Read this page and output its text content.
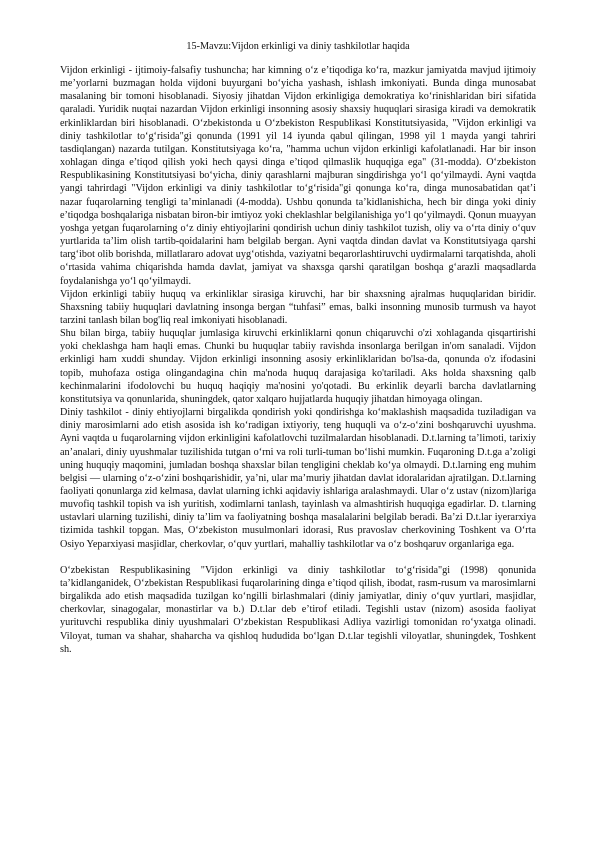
15-Mavzu:Vijdon erkinligi va diniy tashkilotlar haqida

Vijdon erkinligi - ijtimoiy-falsafiy tushuncha; har kimning o‘z e’tiqodiga ko‘ra, mazkur jamiyatda mavjud ijtimoiy me’yorlarni buzmagan holda vijdoni buyurgani bo‘yicha yashash, ishlash imkoniyati. Bunda dinga munosabat masalaning bir tomoni hisoblanadi. Siyosiy jihatdan Vijdon erkinligiga demokratiya ko‘rinishlaridan biri sifatida qaraladi. Yuridik nuqtai nazardan Vijdon erkinligi insonning asosiy shaxsiy huquqlari sirasiga kiradi va demokratik erkinliklardan biri hisoblanadi. O‘zbekistonda u O‘zbekiston Respublikasi Konstitutsiyasida, "Vijdon erkinligi va diniy tashkilotlar to‘g‘risida"gi qonunda (1991 yil 14 iyunda qabul qilingan, 1998 yil 1 mayda yangi tahriri tasdiqlangan) nazarda tutilgan. Konstitutsiyaga ko‘ra, "hamma uchun vijdon erkinligi kafolatlanadi. Har bir inson xohlagan dinga e’tiqod qilish yoki hech qaysi dinga e’tiqod qilmaslik huquqiga ega" (31-modda). O‘zbekiston Respublikasining Konstitutsiyasi bo‘yicha, diniy qarashlarni majburan singdirishga yo‘l qo‘yilmaydi. Ayni vaqtda yangi tahrirdagi "Vijdon erkinligi va diniy tashkilotlar to‘g‘risida"gi qonunga ko‘ra, dinga munosabatidan qat’i nazar fuqarolarning tengligi ta’minlanadi (4-modda). Ushbu qonunda ta’kidlanishicha, hech bir dinga yoki diniy e’tiqodga boshqalariga nisbatan biron-bir imtiyoz yoki cheklashlar belgilanishiga yo‘l qo‘yilmaydi. Qonun muayyan yoshga yetgan fuqarolarning o‘z diniy ehtiyojlarini qondirish uchun diniy tashkilot tuzish, oliy va o‘rta diniy o‘quv yurtlarida ta’lim olish tartib-qoidalarini ham belgilab bergan. Ayni vaqtda dindan davlat va Konstitutsiyaga qarshi targ‘ibot olib borishda, millatlararo adovat uyg‘otishda, vaziyatni beqarorlashtiruvchi uydirmalarni tarqatishda, aholi o‘rtasida vahima chiqarishda hamda davlat, jamiyat va shaxsga qarshi qaratilgan boshqa g‘arazli maqsadlarda foydalanishga yo‘l qo‘yilmaydi.

Vijdon erkinligi tabiiy huquq va erkinliklar sirasiga kiruvchi, har bir shaxsning ajralmas huquqlaridan biridir. Shaxsning tabiiy huquqlari davlatning insonga bergan “tuhfasi” emas, balki insonning munosib turmush va hayot tarzini tanlash bilan bog'liq real imkoniyati hisoblanadi.

Shu bilan birga, tabiiy huquqlar jumlasiga kiruvchi erkinliklarni qonun chiqaruvchi o'zi xohlaganda qisqartirishi yoki cheklashga ham haqli emas. Chunki bu huquqlar tabiiy ravishda insonlarga berilgan in'om sanaladi. Vijdon erkinligi ham xuddi shunday. Vijdon erkinligi insonning asosiy erkinliklaridan bo'lsa-da, qonunda o'z ifodasini topib, muhofaza ostiga olingandagina chin ma'noda huquq darajasiga ko'tariladi. Aks holda shaxsning qalb kechinmalarini ifodolovchi bu huquq haqiqiy ma'nosini yo'qotadi. Bu erkinlik deyarli barcha davlatlarning konstitutsiya va qonunlarida, shuningdek, qator xalqaro hujjatlarda huquqiy jihatdan himoyaga olingan.

Diniy tashkilot - diniy ehtiyojlarni birgalikda qondirish yoki qondirishga ko‘maklashish maqsadida tuziladigan va diniy marosimlarni ado etish asosida ish ko‘radigan ixtiyoriy, teng huquqli va o‘z-o‘zini boshqaruvchi uyushma. Ayni vaqtda u fuqarolarning vijdon erkinligini kafolatlovchi tuzilmalardan hisoblanadi. D.t.larning ta’limoti, tarixiy an’analari, diniy uyushmalar tuzilishida tutgan o‘rni va roli turli-tuman bo‘lishi mumkin. Fuqaroning D.t.ga a’zoligi uning huquqiy maqomini, jumladan boshqa shaxslar bilan tengligini cheklab ko‘ya olmaydi. D.t.larning eng muhim belgisi — ularning o‘z-o‘zini boshqarishidir, ya’ni, ular ma’muriy jihatdan davlat idoralaridan ajratilgan. D.t.larning faoliyati qonunlarga zid kelmasa, davlat ularning ichki aqidaviy ishlariga aralashmaydi. Ular o‘z ustav (nizom)lariga muvofiq tashkil topish va ish yuritish, xodimlarni tanlash, tayinlash va almashtirish huquqiga egadirlar. D. t.larning ustavlari ularning tuzilishi, diniy ta’lim va faoliyatning boshqa masalalarini belgilab beradi. Ba’zi D.t.lar iyerarxiya tizimida tashkil topgan. Mas, O‘zbekiston musulmonlari idorasi, Rus pravoslav cherkovining Toshkent va O‘rta Osiyo Yeparxiyasi masjidlar, cherkovlar, o‘quv yurtlari, mahalliy tashkilotlar va o‘z boshqaruv organlariga ega.

O‘zbekistan Respublikasining "Vijdon erkinligi va diniy tashkilotlar to‘g‘risida"gi (1998) qonunida ta’kidlanganidek, O‘zbekistan Respublikasi fuqarolarining dinga e’tiqod qilish, ibodat, rasm-rusum va marosimlarni birgalikda ado etish maqsadida tuzilgan ko‘ngilli birlashmalari (diniy jamiyatlar, diniy o‘quv yurtlari, masjidlar, cherkovlar, sinagogalar, monastirlar va b.) D.t.lar deb e’tirof etiladi. Tegishli ustav (nizom) asosida faoliyat yurituvchi respublika diniy uyushmalari O‘zbekistan Respublikasi Adliya vazirligi tomonidan ro‘yxatga olinadi. Viloyat, tuman va shahar, shaharcha va qishloq hududida bo‘lgan D.t.lar tegishli viloyatlar, shuningdek, Toshkent sh.
